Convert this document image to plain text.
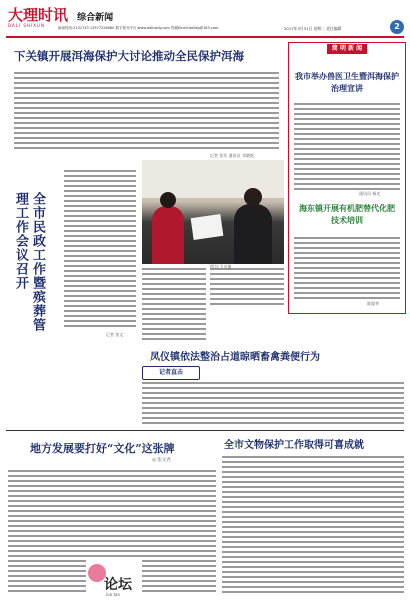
大理时讯 综合新闻
DALI SHIXUN	新闻热线:2131743 13577226080 数字报刊平台:www.dalidaily.com 投稿Email:dalidg@163.com	2017年3月31日 星期二 责任编辑	2
下关镇开展洱海保护大讨论推动全民保护洱海
记者 张军 通讯员 邓晓霞
简 明 新 闻
我市举办兽医卫生暨洱海保护治理宣讲
通讯员 杨光
海东镇开展有机肥替代化肥技术培训
陈俊华
全市民政工作暨殡葬管理工作会议召开
记者 张文
图为:下关镇
凤仪镇依法整治占道晾晒畜禽粪便行为
记者直击
地方发展要打好“文化”这张牌
◎ 张文君
论坛
lun tan
全市文物保护工作取得可喜成就
